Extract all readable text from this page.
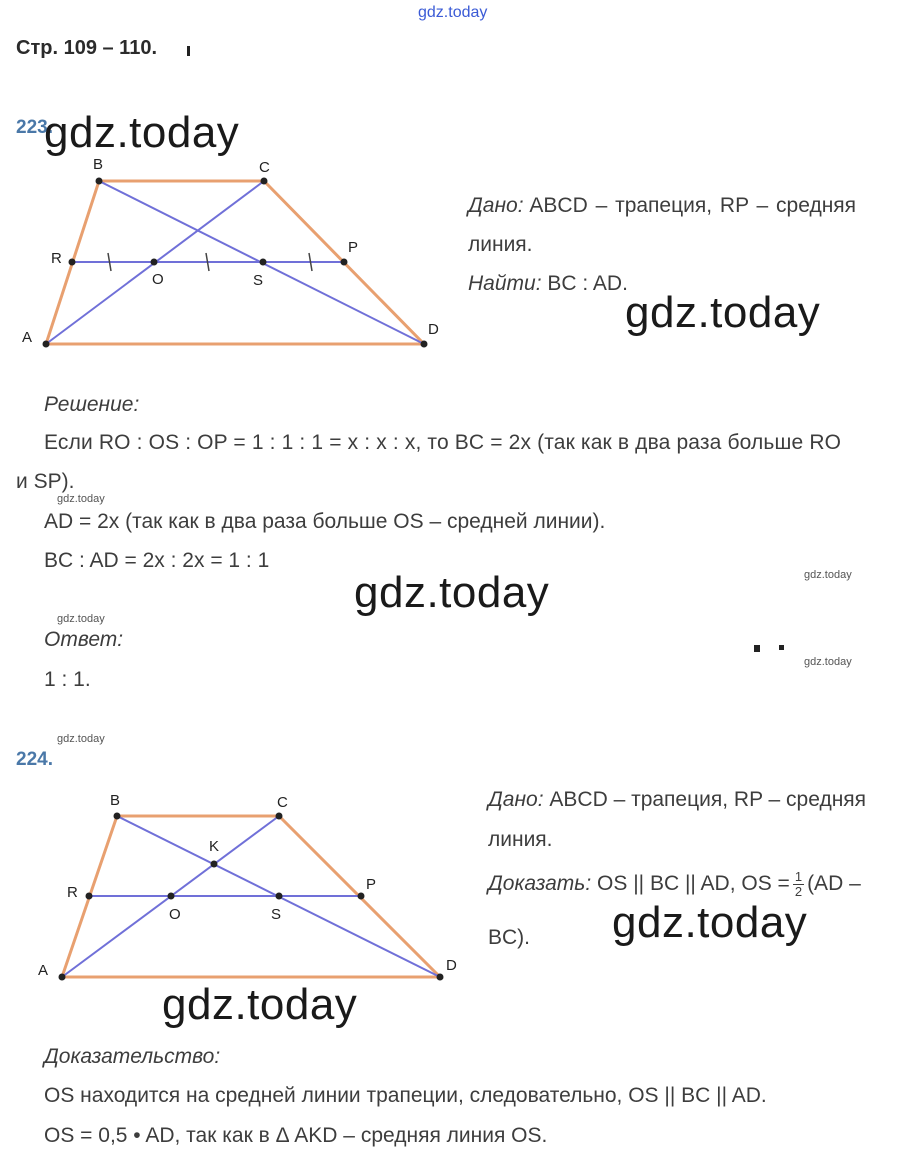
gdz.today
Стр. 109 – 110.
223.
gdz.today
B	C
R
P
O	S
A	D
Дано: ABCD – трапеция, RP – средняя
линия.
Найти: BC : AD.
gdz.today
Решение:
Если RO : OS : OP = 1 : 1 : 1 = x : x : x, то BC = 2x (так как в два раза больше RO
и SP).
gdz.today
AD = 2x (так как в два раза больше OS – средней линии).
BC : AD = 2x : 2x = 1 : 1
gdz.today	gdz.today
gdz.today
Ответ:
gdz.today
1 : 1.
gdz.today
224.
B	C
K
R	P
O	S
A	D
Дано: ABCD – трапеция, RP – средняя
линия.
Доказать: OS || BC || AD, OS = $\frac{1}{2} (AD$ –
BC). gdz.today
gdz.today
Доказательство:
OS находится на средней линии трапеции, следовательно, OS || BC || AD.
OS = 0,5 • AD, так как в Δ AKD – средняя линия OS.
